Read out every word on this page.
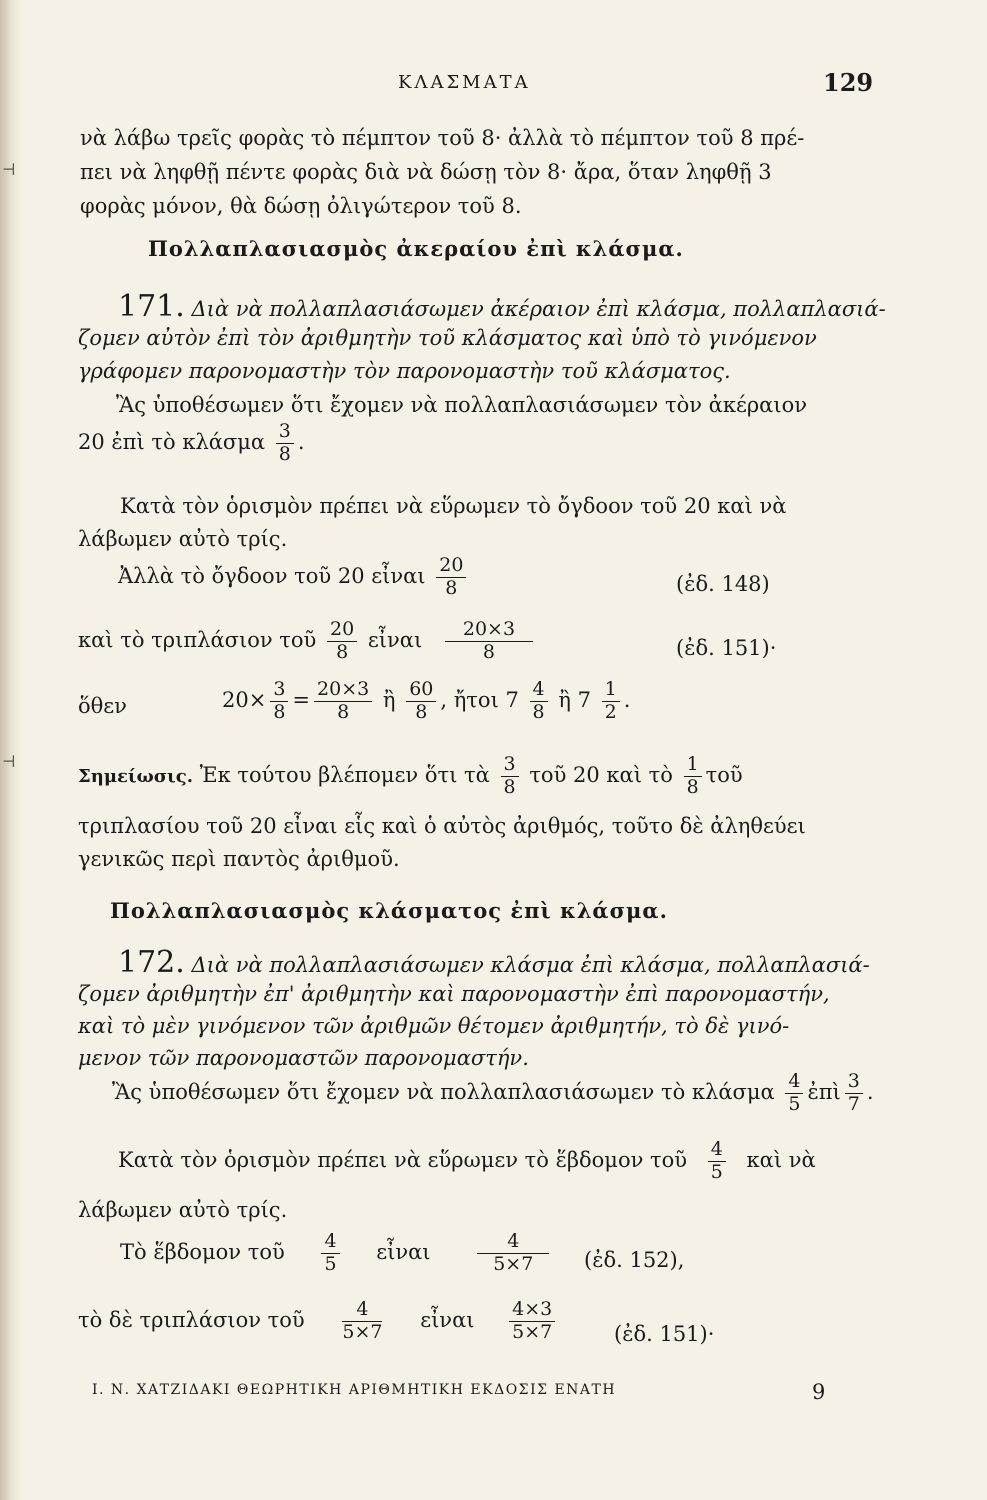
ΚΛΑΣΜΑΤΑ	129
νὰ λάβω τρεῖς φορὰς τὸ πέμπτον τοῦ 8· ἀλλὰ τὸ πέμπτον τοῦ 8 πρέ-
πει νὰ ληφθῇ πέντε φορὰς διὰ νὰ δώσῃ τὸν 8· ἄρα, ὅταν ληφθῇ 3
φορὰς μόνον, θὰ δώσῃ ὀλιγώτερον τοῦ 8.
Πολλαπλασιασμὸς ἀκεραίου ἐπὶ κλάσμα.
171. Διὰ νὰ πολλαπλασιάσωμεν ἀκέραιον ἐπὶ κλάσμα, πολλαπλασιά-
ζομεν αὐτὸν ἐπὶ τὸν ἀριθμητὴν τοῦ κλάσματος καὶ ὑπὸ τὸ γινόμενον
γράφομεν παρονομαστὴν τὸν παρονομαστὴν τοῦ κλάσματος.
Ἂς ὑποθέσωμεν ὅτι ἔχομεν νὰ πολλαπλασιάσωμεν τὸν ἀκέραιον
20 ἐπὶ τὸ κλάσμα $\frac{3}{8}$ .
Κατὰ τὸν ὁρισμὸν πρέπει νὰ εὕρωμεν τὸ ὄγδοον τοῦ 20 καὶ νὰ
λάβωμεν αὐτὸ τρίς.
Ἀλλὰ τὸ ὄγδοον τοῦ 20 εἶναι $\frac{20}{8}$	(ἐδ. 148)
καὶ τὸ τριπλάσιον τοῦ $\frac{20}{8}$ εἶναι $\frac{20\times 3}{8}$	(ἐδ. 151)·
ὅθεν	$20\times \frac{3}{8} = \frac{20\times 3}{8}$ ἢ $\frac{60}{8}$ , ἤτοι $7 \frac{4}{8}$ ἢ $7 \frac{1}{2}$ .
Σημείωσις. Ἐκ τούτου βλέπομεν ὅτι τὰ $\frac{3}{8}$ τοῦ 20 καὶ τὸ $\frac{1}{8}$ τοῦ
τριπλασίου τοῦ 20 εἶναι εἷς καὶ ὁ αὐτὸς ἀριθμός, τοῦτο δὲ ἀληθεύει
γενικῶς περὶ παντὸς ἀριθμοῦ.
Πολλαπλασιασμὸς κλάσματος ἐπὶ κλάσμα.
172. Διὰ νὰ πολλαπλασιάσωμεν κλάσμα ἐπὶ κλάσμα, πολλαπλασιά-
ζομεν ἀριθμητὴν ἐπ' ἀριθμητὴν καὶ παρονομαστὴν ἐπὶ παρονομαστήν,
καὶ τὸ μὲν γινόμενον τῶν ἀριθμῶν θέτομεν ἀριθμητήν, τὸ δὲ γινό-
μενον τῶν παρονομαστῶν παρονομαστήν.
Ἂς ὑποθέσωμεν ὅτι ἔχομεν νὰ πολλαπλασιάσωμεν τὸ κλάσμα $\frac{4}{5}$ ἐπὶ $\frac{3}{7}$ .
Κατὰ τὸν ὁρισμὸν πρέπει νὰ εὕρωμεν τὸ ἕβδομον τοῦ $\frac{4}{5}$ καὶ νὰ
λάβωμεν αὐτὸ τρίς.
Τὸ ἕβδομον τοῦ $\frac{4}{5}$ εἶναι $\frac{4}{5\times 7}$ (ἐδ. 152),
τὸ δὲ τριπλάσιον τοῦ $\frac{4}{5\times 7}$ εἶναι $\frac{4\times 3}{5\times 7}$	(ἐδ. 151)·
Ι. Ν. ΧΑΤΖΙΔΑΚΙ ΘΕΩΡΗΤΙΚΗ ΑΡΙΘΜΗΤΙΚΗ ΕΚΔΟΣΙΣ ΕΝΑΤΗ	9
⊣
⊣
